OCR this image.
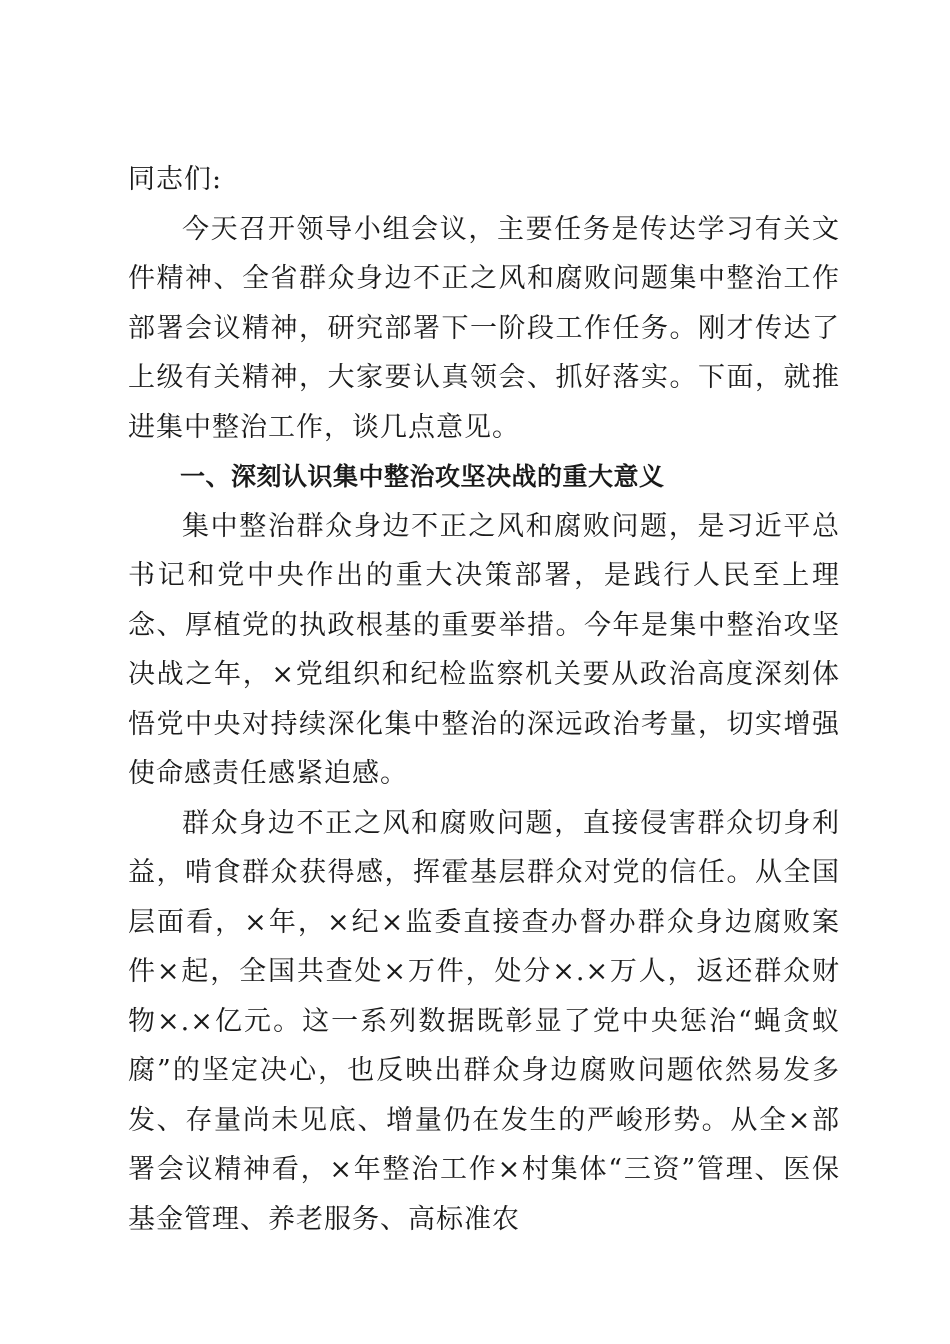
同志们:

今天召开领导小组会议，主要任务是传达学习有关文件精神、全省群众身边不正之风和腐败问题集中整治工作部署会议精神，研究部署下一阶段工作任务。刚才传达了上级有关精神，大家要认真领会、抓好落实。下面，就推进集中整治工作，谈几点意见。

一、深刻认识集中整治攻坚决战的重大意义

集中整治群众身边不正之风和腐败问题，是习近平总书记和党中央作出的重大决策部署，是践行人民至上理念、厚植党的执政根基的重要举措。今年是集中整治攻坚决战之年，×党组织和纪检监察机关要从政治高度深刻体悟党中央对持续深化集中整治的深远政治考量，切实增强使命感责任感紧迫感。

群众身边不正之风和腐败问题，直接侵害群众切身利益，啃食群众获得感，挥霍基层群众对党的信任。从全国层面看，×年，×纪×监委直接查办督办群众身边腐败案件×起，全国共查处×万件，处分×.×万人，返还群众财物×.×亿元。这一系列数据既彰显了党中央惩治“蝇贪蚁腐”的坚定决心，也反映出群众身边腐败问题依然易发多发、存量尚未见底、增量仍在发生的严峻形势。从全×部署会议精神看，×年整治工作×村集体“三资”管理、医保基金管理、养老服务、高标准农
